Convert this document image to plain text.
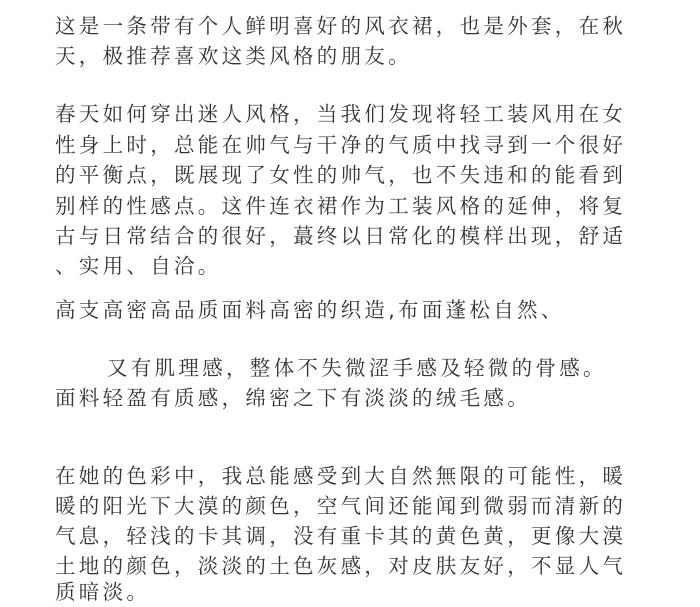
这是一条带有个人鲜明喜好的风衣裙，也是外套，在秋
天，极推荐喜欢这类风格的朋友。
春天如何穿出迷人风格，当我们发现将轻工装风用在女
性身上时，总能在帅气与干净的气质中找寻到一个很好
的平衡点，既展现了女性的帅气，也不失违和的能看到
别样的性感点。这件连衣裙作为工装风格的延伸，将复
古与日常结合的很好，蕞终以日常化的模样出现，舒适
、实用、自洽。
高支高密高品质面料高密的织造,布面蓬松自然、
又有肌理感，整体不失微涩手感及轻微的骨感。
面料轻盈有质感，绵密之下有淡淡的绒毛感。
在她的色彩中，我总能感受到大自然無限的可能性，暖
暖的阳光下大漠的颜色，空气间还能闻到微弱而清新的
气息，轻浅的卡其调，没有重卡其的黄色黄，更像大漠
土地的颜色，淡淡的土色灰感，对皮肤友好，不显人气
质暗淡。
